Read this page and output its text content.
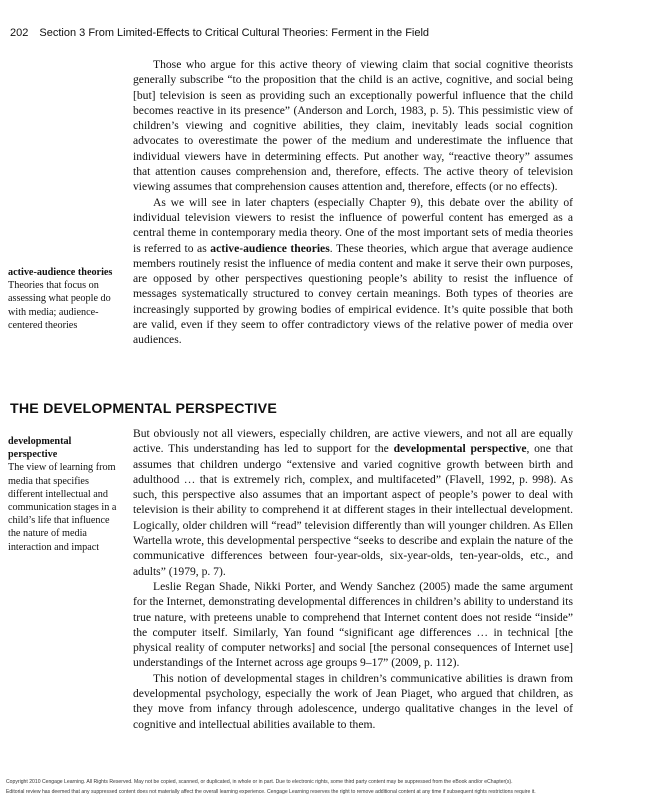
202 Section 3 From Limited-Effects to Critical Cultural Theories: Ferment in the Field

Those who argue for this active theory of viewing claim that social cognitive theorists generally subscribe “to the proposition that the child is an active, cognitive, and social being [but] television is seen as providing such an exceptionally powerful influence that the child becomes reactive in its presence” (Anderson and Lorch, 1983, p. 5). This pessimistic view of children’s viewing and cognitive abilities, they claim, inevitably leads social cognition advocates to overestimate the power of the medium and underestimate the influence that individual viewers have in determining effects. Put another way, “reactive theory” assumes that attention causes comprehension and, therefore, effects. The active theory of television viewing assumes that comprehension causes attention and, therefore, effects (or no effects).

As we will see in later chapters (especially Chapter 9), this debate over the ability of individual television viewers to resist the influence of powerful content has emerged as a central theme in contemporary media theory. One of the most important sets of media theories is referred to as active-audience theories. These theories, which argue that average audience members routinely resist the influence of media content and make it serve their own purposes, are opposed by other perspectives questioning people’s ability to resist the influence of messages systematically structured to convey certain meanings. Both types of theories are increasingly supported by growing bodies of empirical evidence. It’s quite possible that both are valid, even if they seem to offer contradictory views of the relative power of media over audiences.

active-audience theories
Theories that focus on assessing what people do with media; audience-centered theories
THE DEVELOPMENTAL PERSPECTIVE

But obviously not all viewers, especially children, are active viewers, and not all are equally active. This understanding has led to support for the developmental perspective, one that assumes that children undergo “extensive and varied cognitive growth between birth and adulthood … that is extremely rich, complex, and multifaceted” (Flavell, 1992, p. 998). As such, this perspective also assumes that an important aspect of people’s power to deal with television is their ability to comprehend it at different stages in their intellectual development. Logically, older children will “read” television differently than will younger children. As Ellen Wartella wrote, this developmental perspective “seeks to describe and explain the nature of the communicative differences between four-year-olds, six-year-olds, ten-year-olds, etc., and adults” (1979, p. 7).

Leslie Regan Shade, Nikki Porter, and Wendy Sanchez (2005) made the same argument for the Internet, demonstrating developmental differences in children’s ability to understand its true nature, with preteens unable to comprehend that Internet content does not reside “inside” the computer itself. Similarly, Yan found “significant age differences … in technical [the physical reality of computer networks] and social [the personal consequences of Internet use] understandings of the Internet across age groups 9–17” (2009, p. 112).

This notion of developmental stages in children’s communicative abilities is drawn from developmental psychology, especially the work of Jean Piaget, who argued that children, as they move from infancy through adolescence, undergo qualitative changes in the level of cognitive and intellectual abilities available to them.

developmental perspective
The view of learning from media that specifies different intellectual and communication stages in a child’s life that influence the nature of media interaction and impact
Copyright 2010 Cengage Learning. All Rights Reserved. May not be copied, scanned, or duplicated, in whole or in part. Due to electronic rights, some third party content may be suppressed from the eBook and/or eChapter(s).
Editorial review has deemed that any suppressed content does not materially affect the overall learning experience. Cengage Learning reserves the right to remove additional content at any time if subsequent rights restrictions require it.
